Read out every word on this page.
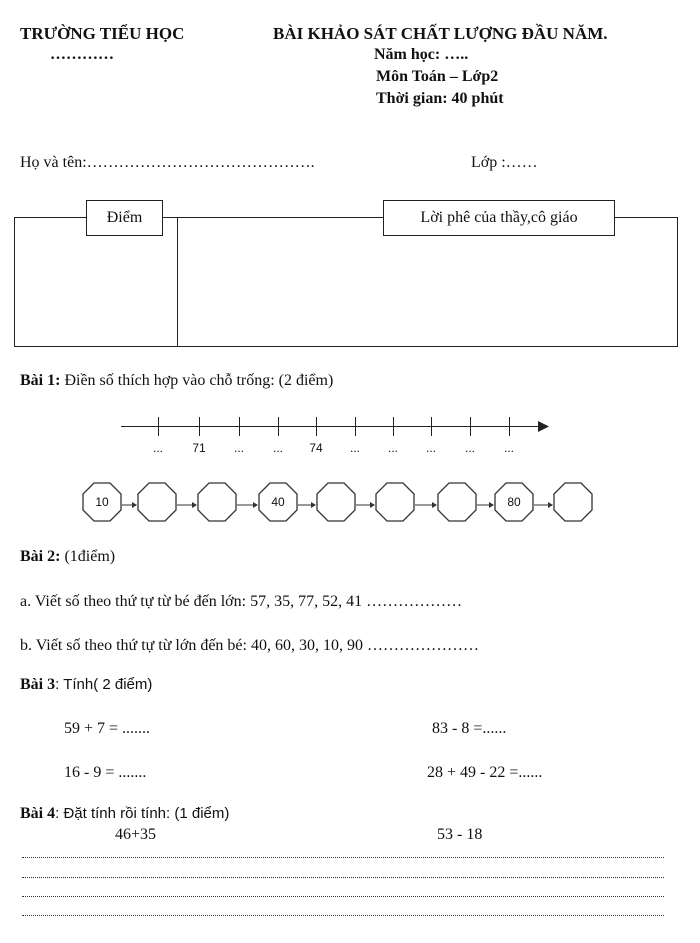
TRƯỜNG TIỂU HỌC
…………
BÀI KHẢO SÁT CHẤT LƯỢNG ĐẦU NĂM.
Năm học: …..
Môn Toán – Lớp2
Thời gian: 40 phút
Họ và tên:…………………………………….	Lớp :……
Điểm	Lời phê của thầy,cô giáo
Bài 1: Điền số thích hợp vào chỗ trống: (2 điểm)
...	71	...	...	74	...	...	...	...	...
10	40	80
Bài 2: (1điểm)
a. Viết số theo thứ tự từ bé đến lớn: 57, 35, 77, 52, 41 ………………
b. Viết số theo thứ tự từ lớn đến bé: 40, 60, 30, 10, 90 …………………
Bài 3: Tính( 2 điểm)
59 + 7 = .......	83 - 8 =......
16 - 9 = .......	28 + 49 - 22 =......
Bài 4: Đặt tính rồi tính: (1 điểm)
46+35	53 - 18
